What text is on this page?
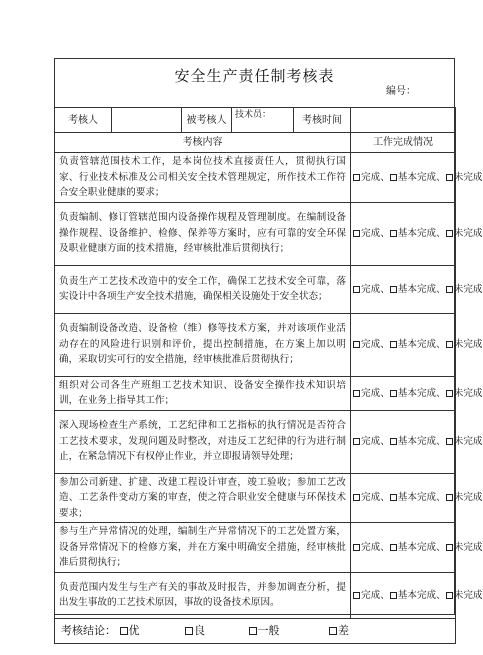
安全生产责任制考核表
编号：
考核人		被考核人	技术员：	考核时间	
考核内容					工作完成情况
负责管辖范围技术工作，是本岗位技术直接责任人，贯彻执行国家、行业技术标准及公司相关安全技术管理规定，所作技术工作符合安全职业健康的要求；					完成、 基本完成、 未完成
负责编制、修订管辖范围内设备操作规程及管理制度。在编制设备操作规程、设备维护、检修、保养等方案时，应有可靠的安全环保及职业健康方面的技术措施，经审核批准后贯彻执行；					完成、 基本完成、 未完成
负责生产工艺技术改造中的安全工作，确保工艺技术安全可靠，落实设计中各项生产安全技术措施，确保相关设施处于安全状态；					完成、 基本完成、 未完成
负责编制设备改造、设备检（维）修等技术方案，并对该项作业活动存在的风险进行识别和评价，提出控制措施，在方案上加以明确，采取切实可行的安全措施，经审核批准后贯彻执行；					完成、 基本完成、 未完成
组织对公司各生产班组工艺技术知识、设备安全操作技术知识培训，在业务上指导其工作；					完成、 基本完成、 未完成
深入现场检查生产系统，工艺纪律和工艺指标的执行情况是否符合工艺技术要求，发现问题及时整改，对违反工艺纪律的行为进行制止，在紧急情况下有权停止作业，并立即报请领导处理；					完成、 基本完成、 未完成
参加公司新建、扩建、改建工程设计审查，竣工验收；参加工艺改造、工艺条件变动方案的审查，使之符合职业安全健康与环保技术要求；					完成、 基本完成、 未完成
参与生产异常情况的处理，编制生产异常情况下的工艺处置方案，设备异常情况下的检修方案，并在方案中明确安全措施，经审核批准后贯彻执行；					完成、 基本完成、 未完成
负责范围内发生与生产有关的事故及时报告，并参加调查分析，提出发生事故的工艺技术原因，事故的设备技术原因。					完成、 基本完成、 未完成
考核结论： 优 良 一般 差					
